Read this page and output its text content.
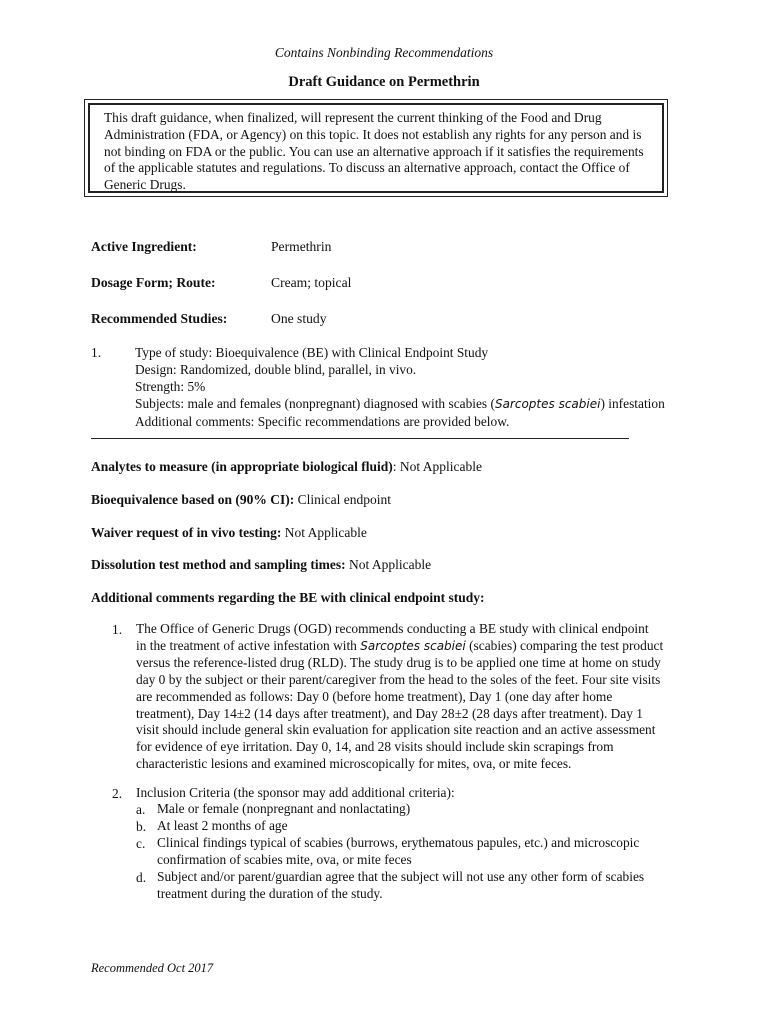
Contains Nonbinding Recommendations
Draft Guidance on Permethrin
This draft guidance, when finalized, will represent the current thinking of the Food and Drug Administration (FDA, or Agency) on this topic. It does not establish any rights for any person and is not binding on FDA or the public. You can use an alternative approach if it satisfies the requirements of the applicable statutes and regulations. To discuss an alternative approach, contact the Office of Generic Drugs.
Active Ingredient:	Permethrin
Dosage Form; Route:	Cream; topical
Recommended Studies:	One study
1.	Type of study: Bioequivalence (BE) with Clinical Endpoint Study
Design: Randomized, double blind, parallel, in vivo.
Strength: 5%
Subjects: male and females (nonpregnant) diagnosed with scabies (Sarcoptes scabiei) infestation
Additional comments: Specific recommendations are provided below.
Analytes to measure (in appropriate biological fluid): Not Applicable
Bioequivalence based on (90% CI): Clinical endpoint
Waiver request of in vivo testing: Not Applicable
Dissolution test method and sampling times: Not Applicable
Additional comments regarding the BE with clinical endpoint study:
1. The Office of Generic Drugs (OGD) recommends conducting a BE study with clinical endpoint
in the treatment of active infestation with Sarcoptes scabiei (scabies) comparing the test product
versus the reference-listed drug (RLD). The study drug is to be applied one time at home on study day 0 by the subject or their parent/caregiver from the head to the soles of the feet. Four site visits are recommended as follows: Day 0 (before home treatment), Day 1 (one day after home treatment), Day 14±2 (14 days after treatment), and Day 28±2 (28 days after treatment). Day 1 visit should include general skin evaluation for application site reaction and an active assessment for evidence of eye irritation. Day 0, 14, and 28 visits should include skin scrapings from characteristic lesions and examined microscopically for mites, ova, or mite feces.
2. Inclusion Criteria (the sponsor may add additional criteria):
a. Male or female (nonpregnant and nonlactating)
b. At least 2 months of age
c. Clinical findings typical of scabies (burrows, erythematous papules, etc.) and microscopic confirmation of scabies mite, ova, or mite feces
d. Subject and/or parent/guardian agree that the subject will not use any other form of scabies treatment during the duration of the study.
Recommended Oct 2017
